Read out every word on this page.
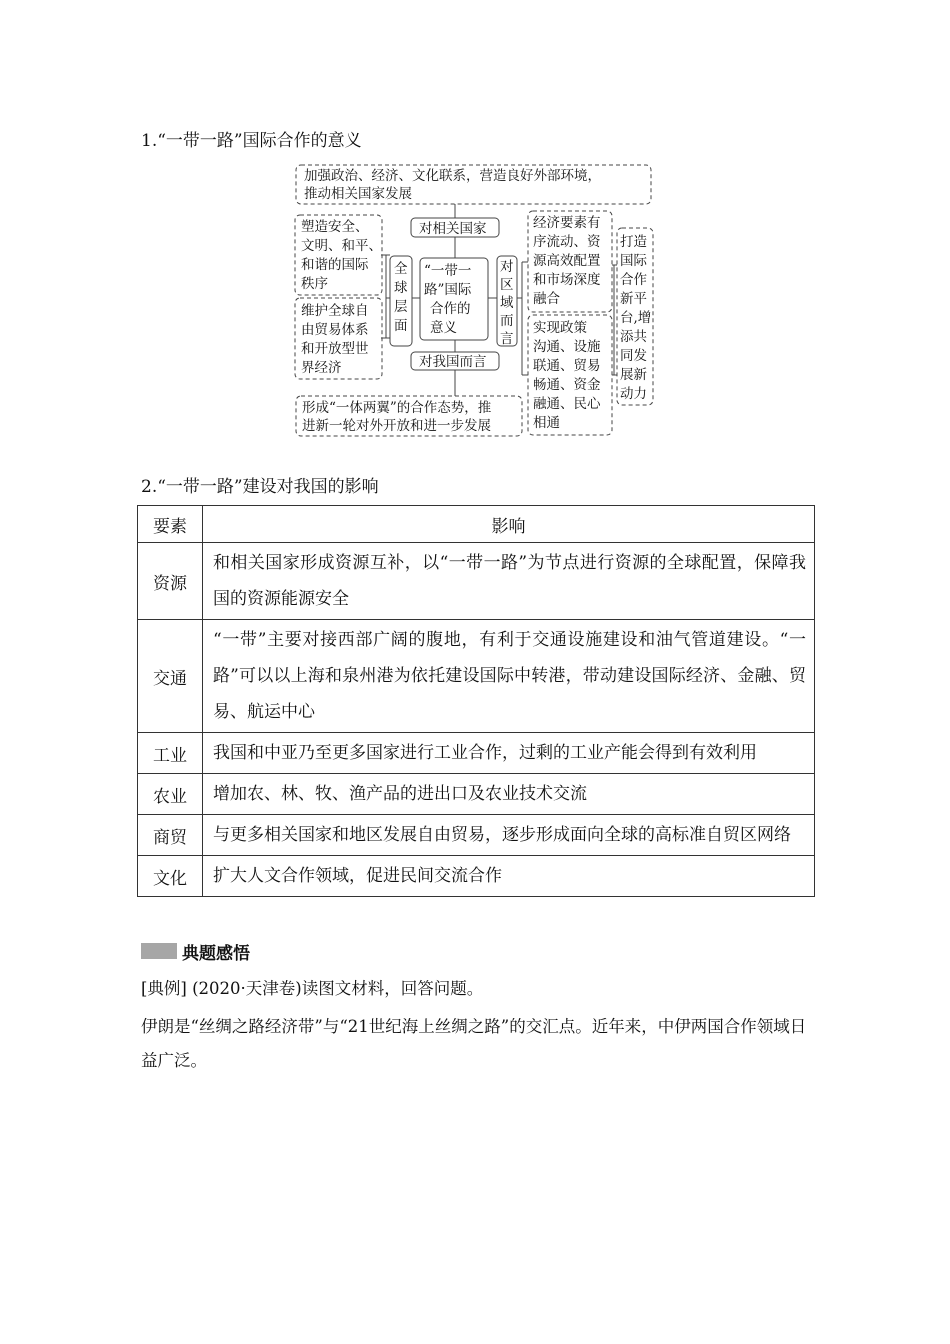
1.“一带一路”国际合作的意义
加强政治、经济、文化联系，营造良好外部环境，
推动相关国家发展
塑造安全、
文明、和平、
和谐的国际
秩序
维护全球自
由贸易体系
和开放型世
界经济
全
球
层
面
“一带一
路”国际
合作的
意义
对相关国家
对我国而言
对
区
域
而
言
经济要素有
序流动、资
源高效配置
和市场深度
融合
实现政策
沟通、设施
联通、贸易
畅通、资金
融通、民心
相通
打造
国际
合作
新平
台,增
添共
同发
展新
动力
形成“一体两翼”的合作态势，推
进新一轮对外开放和进一步发展
2.“一带一路”建设对我国的影响
要素	影响
资源	和相关国家形成资源互补，以“一带一路”为节点进行资源的全球配置，保障我国的资源能源安全
交通	“一带”主要对接西部广阔的腹地，有利于交通设施建设和油气管道建设。“一路”可以以上海和泉州港为依托建设国际中转港，带动建设国际经济、金融、贸易、航运中心
工业	我国和中亚乃至更多国家进行工业合作，过剩的工业产能会得到有效利用
农业	增加农、林、牧、渔产品的进出口及农业技术交流
商贸	与更多相关国家和地区发展自由贸易，逐步形成面向全球的高标准自贸区网络
文化	扩大人文合作领域，促进民间交流合作
典题感悟
[典例] (2020·天津卷)读图文材料，回答问题。
伊朗是“丝绸之路经济带”与“21世纪海上丝绸之路”的交汇点。近年来，中伊两国合作领域日益广泛。
